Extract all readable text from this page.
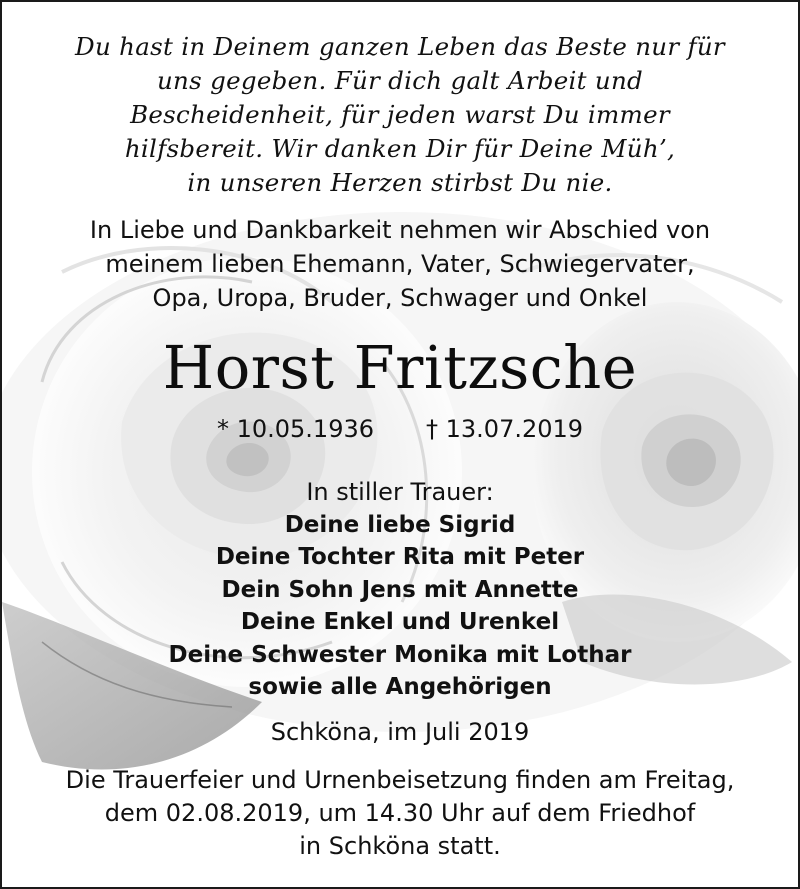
Du hast in Deinem ganzen Leben das Beste nur für
uns gegeben. Für dich galt Arbeit und
Bescheidenheit, für jeden warst Du immer
hilfsbereit. Wir danken Dir für Deine Müh’,
in unseren Herzen stirbst Du nie.
In Liebe und Dankbarkeit nehmen wir Abschied von
meinem lieben Ehemann, Vater, Schwiegervater,
Opa, Uropa, Bruder, Schwager und Onkel
Horst Fritzsche
* 10.05.1936 † 13.07.2019
In stiller Trauer:
Deine liebe Sigrid
Deine Tochter Rita mit Peter
Dein Sohn Jens mit Annette
Deine Enkel und Urenkel
Deine Schwester Monika mit Lothar
sowie alle Angehörigen
Schköna, im Juli 2019
Die Trauerfeier und Urnenbeisetzung finden am Freitag,
dem 02.08.2019, um 14.30 Uhr auf dem Friedhof
in Schköna statt.
